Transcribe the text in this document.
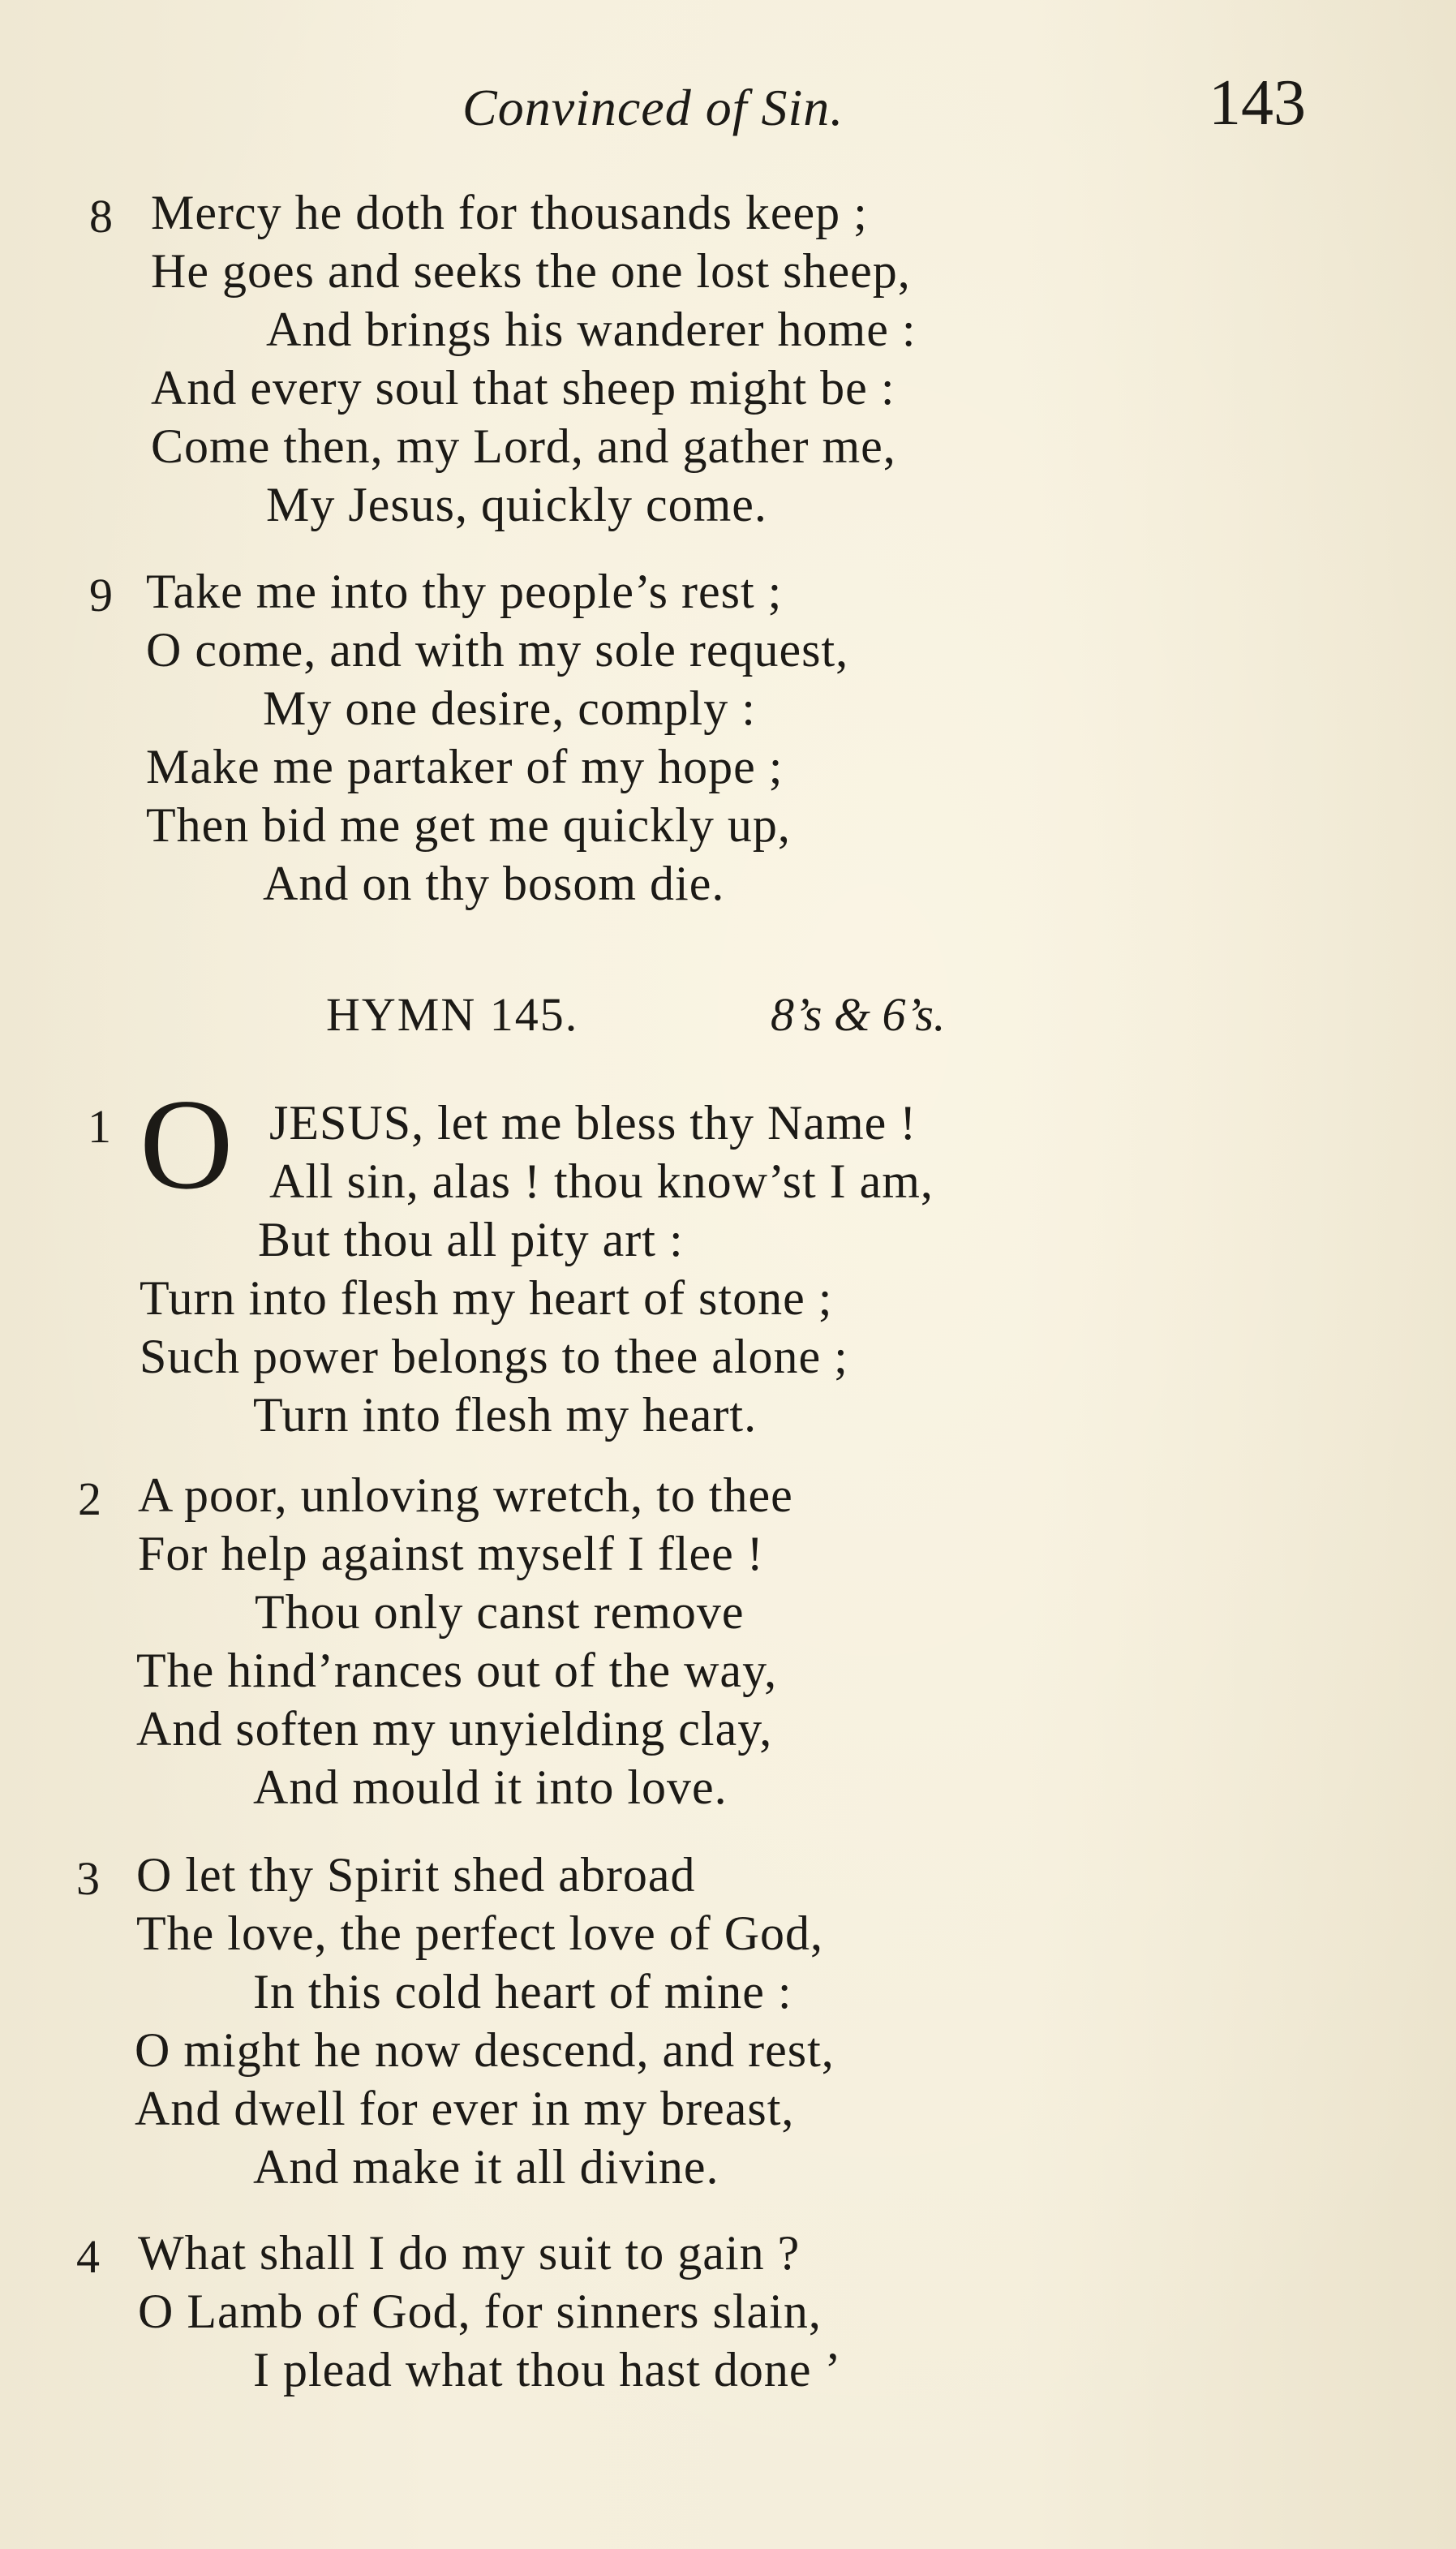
Convinced of Sin.	143
8 Mercy he doth for thousands keep ;
He goes and seeks the one lost sheep,
And brings his wanderer home :
And every soul that sheep might be :
Come then, my Lord, and gather me,
My Jesus, quickly come.
9 Take me into thy people’s rest ;
O come, and with my sole request,
My one desire, comply :
Make me partaker of my hope ;
Then bid me get me quickly up,
And on thy bosom die.
HYMN 145.	8’s & 6’s.
1 O JESUS, let me bless thy Name !
All sin, alas ! thou know’st I am,
But thou all pity art :
Turn into flesh my heart of stone ;
Such power belongs to thee alone ;
Turn into flesh my heart.
2 A poor, unloving wretch, to thee
For help against myself I flee !
Thou only canst remove
The hind’rances out of the way,
And soften my unyielding clay,
And mould it into love.
3 O let thy Spirit shed abroad
The love, the perfect love of God,
In this cold heart of mine :
O might he now descend, and rest,
And dwell for ever in my breast,
And make it all divine.
4 What shall I do my suit to gain ?
O Lamb of God, for sinners slain,
I plead what thou hast done ’
